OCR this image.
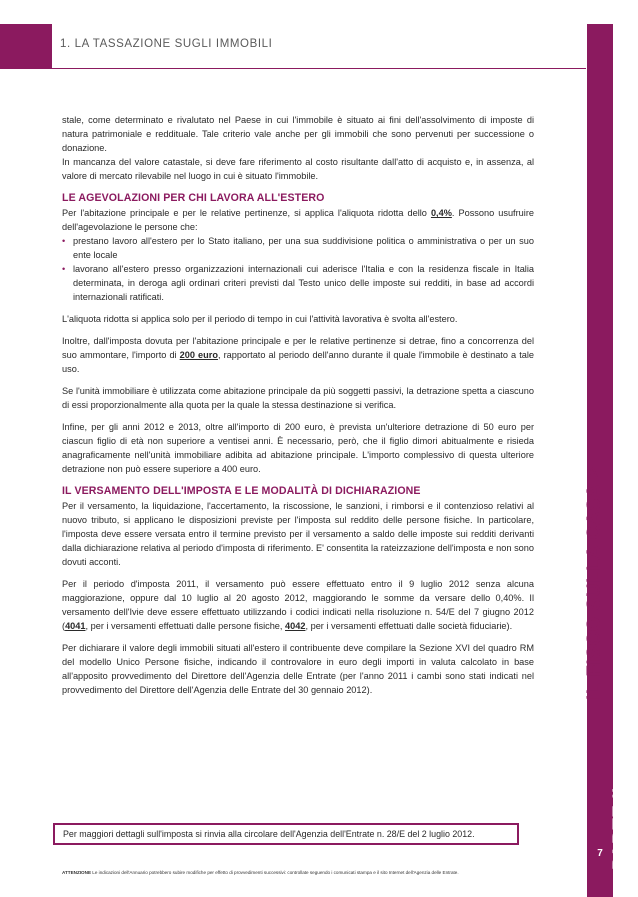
1. LA TASSAZIONE SUGLI IMMOBILI
IL FISCO SULLA CASA>
PARTE II
7

stale, come determinato e rivalutato nel Paese in cui l'immobile è situato ai fini dell'assolvimento di imposte di natura patrimoniale e reddituale. Tale criterio vale anche per gli immobili che sono pervenuti per successione o donazione.
In mancanza del valore catastale, si deve fare riferimento al costo risultante dall'atto di acquisto e, in assenza, al valore di mercato rilevabile nel luogo in cui è situato l'immobile.

LE AGEVOLAZIONI PER CHI LAVORA ALL'ESTERO

Per l'abitazione principale e per le relative pertinenze, si applica l'aliquota ridotta dello 0,4%. Possono usufruire dell'agevolazione le persone che:

• prestano lavoro all'estero per lo Stato italiano, per una sua suddivisione politica o amministrativa o per un suo ente locale
• lavorano all'estero presso organizzazioni internazionali cui aderisce l'Italia e con la residenza fiscale in Italia determinata, in deroga agli ordinari criteri previsti dal Testo unico delle imposte sui redditi, in base ad accordi internazionali ratificati.

L'aliquota ridotta si applica solo per il periodo di tempo in cui l'attività lavorativa è svolta all'estero.

Inoltre, dall'imposta dovuta per l'abitazione principale e per le relative pertinenze si detrae, fino a concorrenza del suo ammontare, l'importo di 200 euro, rapportato al periodo dell'anno durante il quale l'immobile è destinato a tale uso.

Se l'unità immobiliare è utilizzata come abitazione principale da più soggetti passivi, la detrazione spetta a ciascuno di essi proporzionalmente alla quota per la quale la stessa destinazione si verifica.

Infine, per gli anni 2012 e 2013, oltre all'importo di 200 euro, è prevista un'ulteriore detrazione di 50 euro per ciascun figlio di età non superiore a ventisei anni. È necessario, però, che il figlio dimori abitualmente e risieda anagraficamente nell'unità immobiliare adibita ad abitazione principale. L'importo complessivo di questa ulteriore detrazione non può essere superiore a 400 euro.

IL VERSAMENTO DELL'IMPOSTA E LE MODALITÀ DI DICHIARAZIONE

Per il versamento, la liquidazione, l'accertamento, la riscossione, le sanzioni, i rimborsi e il contenzioso relativi al nuovo tributo, si applicano le disposizioni previste per l'imposta sul reddito delle persone fisiche. In particolare, l'imposta deve essere versata entro il termine previsto per il versamento a saldo delle imposte sui redditi derivanti dalla dichiarazione relativa al periodo d'imposta di riferimento. E' consentita la rateizzazione dell'imposta e non sono dovuti acconti.

Per il periodo d'imposta 2011, il versamento può essere effettuato entro il 9 luglio 2012 senza alcuna maggiorazione, oppure dal 10 luglio al 20 agosto 2012, maggiorando le somme da versare dello 0,40%. Il versamento dell'Ivie deve essere effettuato utilizzando i codici indicati nella risoluzione n. 54/E del 7 giugno 2012 (4041, per i versamenti effettuati dalle persone fisiche, 4042, per i versamenti effettuati dalle società fiduciarie).

Per dichiarare il valore degli immobili situati all'estero il contribuente deve compilare la Sezione XVI del quadro RM del modello Unico Persone fisiche, indicando il controvalore in euro degli importi in valuta calcolato in base all'apposito provvedimento del Direttore dell'Agenzia delle Entrate (per l'anno 2011 i cambi sono stati indicati nel provvedimento del Direttore dell'Agenzia delle Entrate del 30 gennaio 2012).

Per maggiori dettagli sull'imposta si rinvia alla circolare dell'Agenzia dell'Entrate n. 28/E del 2 luglio 2012.
ATTENZIONE Le indicazioni dell'Annuario potrebbero subire modifiche per effetto di provvedimenti successivi: controllate seguendo i comunicati stampa e il sito Internet dell'Agenzia delle Entrate.
